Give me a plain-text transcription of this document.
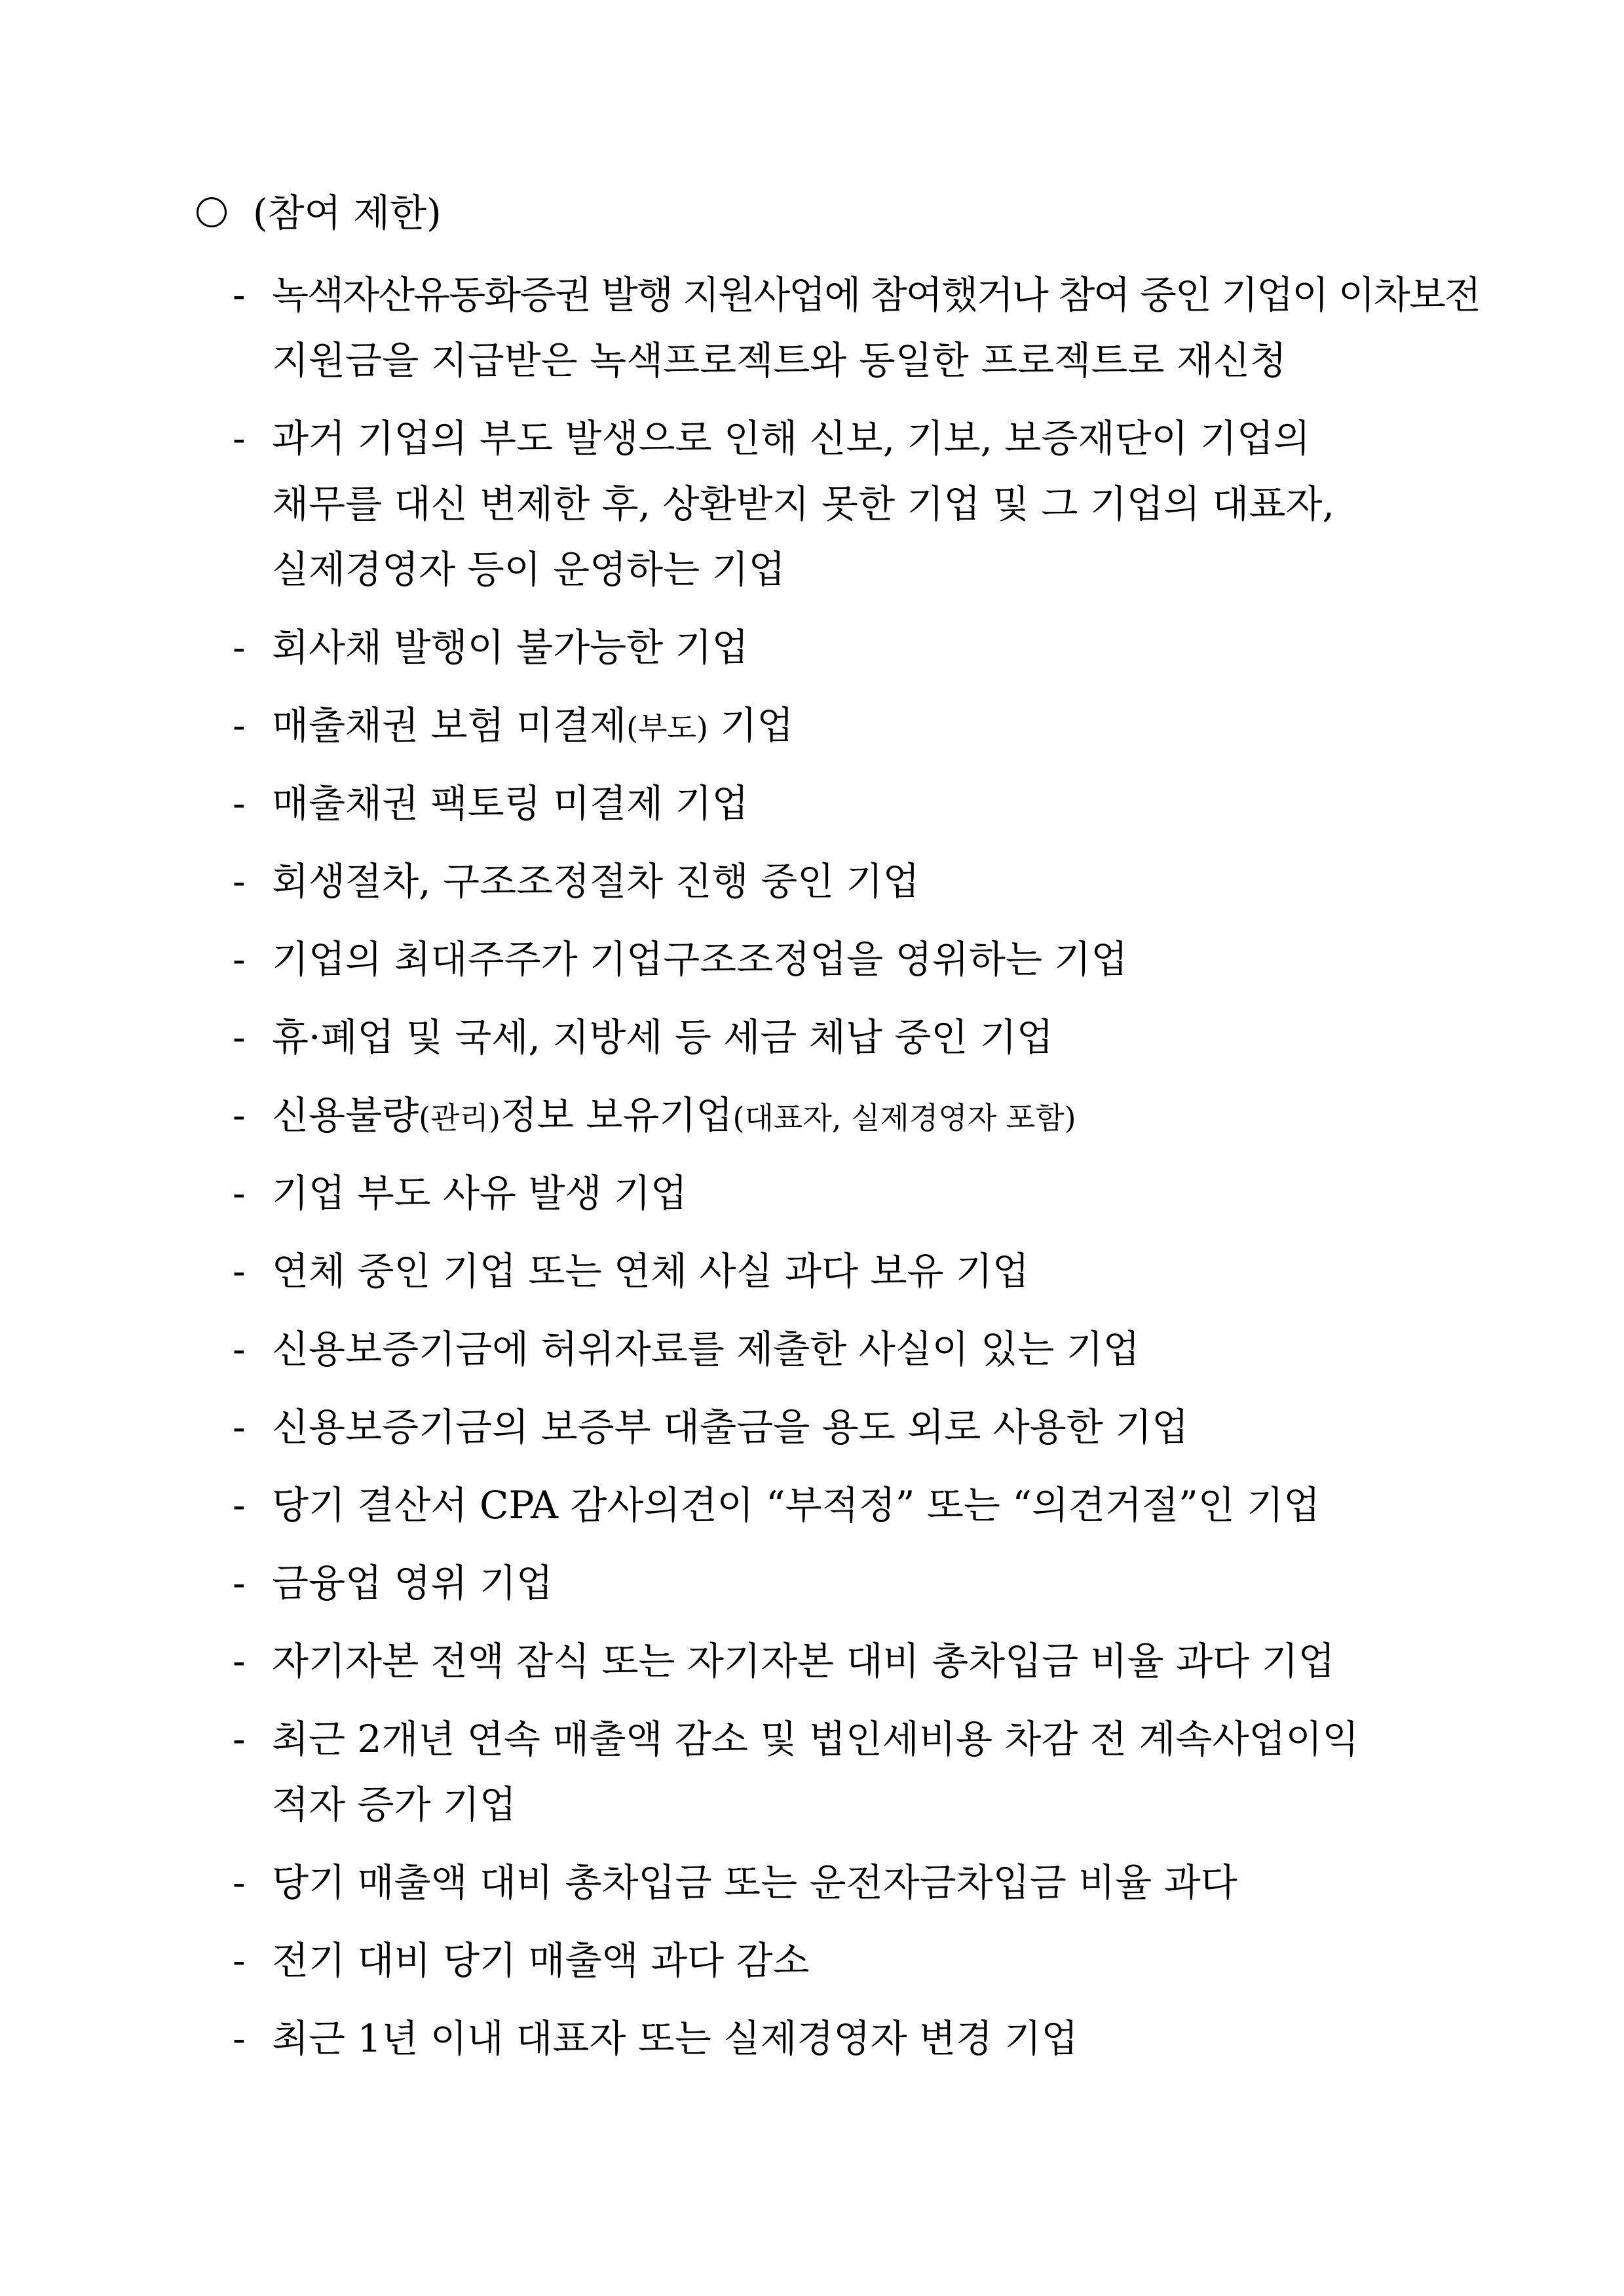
(참여 제한)
- 녹색자산유동화증권 발행 지원사업에 참여했거나 참여 중인 기업이 이차보전
지원금을 지급받은 녹색프로젝트와 동일한 프로젝트로 재신청
- 과거 기업의 부도 발생으로 인해 신보, 기보, 보증재단이 기업의
채무를 대신 변제한 후, 상환받지 못한 기업 및 그 기업의 대표자,
실제경영자 등이 운영하는 기업
- 회사채 발행이 불가능한 기업
- 매출채권 보험 미결제(부도) 기업
- 매출채권 팩토링 미결제 기업
- 회생절차, 구조조정절차 진행 중인 기업
- 기업의 최대주주가 기업구조조정업을 영위하는 기업
- 휴·폐업 및 국세, 지방세 등 세금 체납 중인 기업
- 신용불량(관리)정보 보유기업(대표자, 실제경영자 포함)
- 기업 부도 사유 발생 기업
- 연체 중인 기업 또는 연체 사실 과다 보유 기업
- 신용보증기금에 허위자료를 제출한 사실이 있는 기업
- 신용보증기금의 보증부 대출금을 용도 외로 사용한 기업
- 당기 결산서 CPA 감사의견이 “부적정” 또는 “의견거절”인 기업
- 금융업 영위 기업
- 자기자본 전액 잠식 또는 자기자본 대비 총차입금 비율 과다 기업
- 최근 2개년 연속 매출액 감소 및 법인세비용 차감 전 계속사업이익
적자 증가 기업
- 당기 매출액 대비 총차입금 또는 운전자금차입금 비율 과다
- 전기 대비 당기 매출액 과다 감소
- 최근 1년 이내 대표자 또는 실제경영자 변경 기업
